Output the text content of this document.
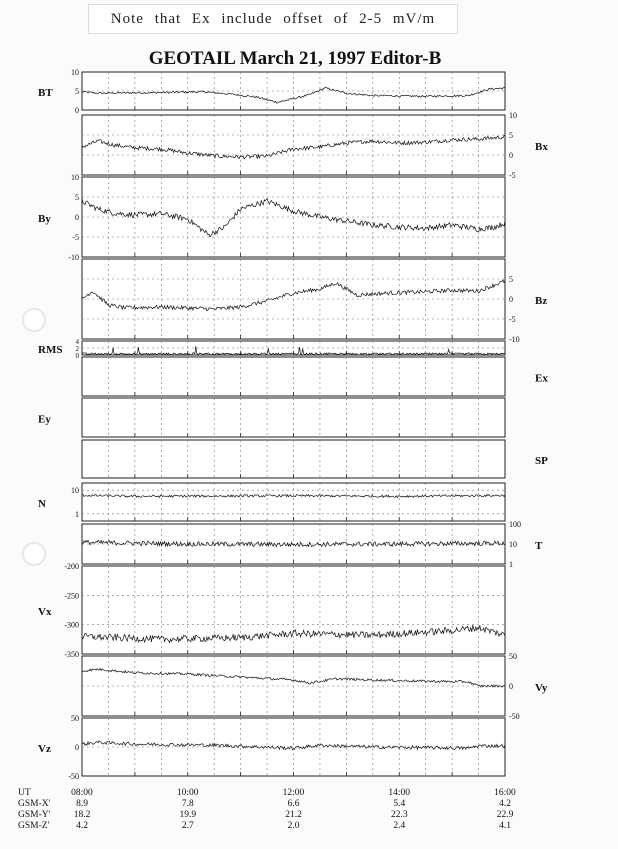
Note that Ex include offset of 2-5 mV/m
GEOTAIL March 21, 1997 Editor-B
10
5
0
BT
10
5
0
-5
Bx
10
5
0
-5
-10
By
5
0
-5
-10
Bz
4
2
0
RMS
Ex
Ey
SP
10
1
N
100
10
1
T
-200
-250
-300
-350
Vx
50
0
-50
Vy
50
0
-50
Vz
UT	08:00	10:00	12:00	14:00	16:00
GSM-X'	8.9	7.8	6.6	5.4	4.2
GSM-Y' 18.2	19.9	21.2	22.3	22.9
GSM-Z'	4.2	2.7	2.0	2.4	4.1
